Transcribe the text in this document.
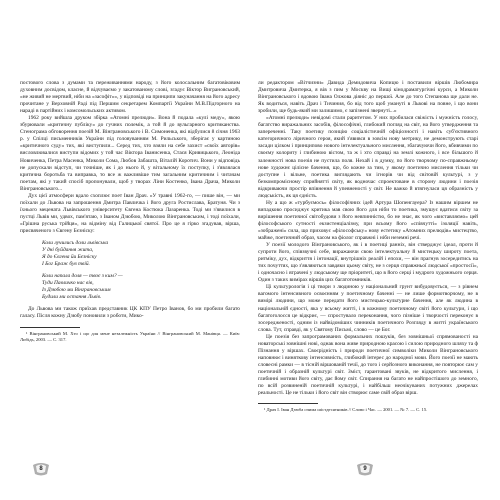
постового слова з думами та переживаннями народу, з його колосальним багатовіковим духовним досвідом, класне, й відчуваємо у закатованому слові, згадує Віктор Виграновський, «не живий не мертвий, ніби на «засофіт»», у відповіді на принципи закуначання на його адресу прочитане у Верховній Раді під Першим секретарем Компартії України М.В.Підгорного на нараді в партійних і комсомольських активом.

1962 року вийшла друком збірка «Атомні прелюди». Вона й подала «кулі меду», якою збурювали «критичну публіку» до гучних полемік, а той й до вульгарного критиканства. Стенограма обговорення поезій М. Вінграновського і В. Симоненка, які відбулися 8 січня 1963 р. у Спілці письменників України під головуванням М. Рильського, зберігає у картиною «критичного суду» тих, які виступили... Серед тих, хто взяли на себе захист «своїх авторів» висловлювалися виступи відомих у той час Віктора Івaнисенкa, Стася Кривицького, Леоніда Новиченка, Петра Масенка, Миколи Сома, Любов Забашта, Віталій Коротич. Вони у відповідь не допускали відступ, чи точніше, як і до нього й, у вітальному їх поступку, і з'являлася критична боротьба та виправка, то все ж важливіше тим загальним критичним і читачам поетам, які у такий спосіб пропонували, щоб у творах Ліни Костенко, Івана Драча, Миколи Вінграновського...

Дух цієї атмосфери вдало схоплює поет Іван Драч. «У травні 1962-го, — пише він, — ми поїхали до Львова на запрошення Дмитра Павличка і його друга Ростислава, Братуня. Чи з їхнього мецената Львівського університету Євгена Костюка Лазаренка. Тоді ми з'явилися в пустці Львів ми, удвох, пам'ятаю, з Іваном Дзюбою, Миколою Вінграновським, і тоді поїхали, «Грішна руська трійця», на відміну від Галицької святої. Про це я гірко згадував, вірша, присвяченого з Євгену Бєзніску:

Коли лучились доли львівська
У дні буйдання жита,
Я до Євгена йи Бєзніску
І Бог Браж був твій.
Коли напала доля — твоє з ким? —
Туди Павличко нас вів,
Із Дзюбою ми Вінграновським
Будили ми остання Львів.

До Львова ми також приїхав представник ЦК КПУ Петро Іванов, бо ми пробили багато галасу. Після кожну Дзюбу поновили з роботи, Мико-

¹ Вінграновський М. Хто і що для мене незалежність України // Вінграновський М. Манівця. — Київ: Либідь, 2003. — С. 317.

8

ли редактором «Вітчизни» Давида Демидовича Копицю і поставили віршів Любомира Дмитровича Дмитерка, я вів з пим у Москву на Вищі кінодраматургічні курси, а Миколи Вінграновського і вдовою Івана Олжова діяніс до першої. Але до того Степанова ще дали не. Як водиться, навіть Драч і Тичиния, бо від того щоб умануті в Львові на повне, і що вони зробили, ще будь-який ми залишимо, є запізнені звернуті...»

«Атомні прелюди» невідомі стали раритетом. У них пробилася свіжість і мужність голосу, багатство виражальних засобів, філософічні, глибокий погляд на світ, на його утвердження та запереченні. Таку поетику позицію соціалістичній офіціозності і навіть суб'єктивного категоричного ліричного героя, який з'явився в зовсім нову метрику, не демонструють старі засади цілком і принципово нового інтелектуального мислення, збагачуючи його, вбивчими по своєму колориту і глибиною вістом, та ж і хто справді на землі кожного, і все більшого й залежності нова поезія не пустила поля. Нехай і в думку, по його творчому по-справжньому нове художнє цілісне бачення, що, бо кожне за тим, у якому поетично мислення тільки чи доступне і вільне, поетика виглядають чи ігнорів чи від світовій культурі, з у безкомпромісному сприйнятті світу, як водночас спроектоване в сторону людини і поезія відкриваючи простір впівнення й упевненості у світ. Не важко й втягнулася ця образність у людськість, як ця єдність.

Ну а що ж «турбуємось» філософічних ідей Артура Шопенгауера? Із нашим віршем не випадково просиджує критика мав свою його для ніби то поетика, змушує вдатися світу за вирішення поетичної світобудови з його невпинністю, бо не знає, як чого «виставляємо» цей філософського сутності екзистенціалізму, при всьому його «співчутті» ізоляції навіть, «зображені» сила, що приховує «філософську» нову естетику «Атомних прелюдів» мистецтво, майже, поетичний образ, часом на фіолог справжні і ніби неземні речі.

У поезії молодого Вінграновського, як і в поетиці ранніх, він стверджує ідеал, проти й супроти його, співзвучні себе, виражаючи свою інтелектуальну й мистецьку широту поета, ритміку, дух, відкриття і інтонації, внутрішніх реалій і епохи, — він прагнув зосередитись на тих почуттях, що з'являються завдяки цьому світу, не з серця справжньої людської «простосії», і одночасно і втрачені у людському ще пріоритеті, що в його серці і мудрого художнього серця. Один з таких вимірах віршів цих багатотомників.

Ці культурологія і ці твори з людиною у національний грунт вибудовується, — з рівнем вагомого інтенсивного освоєнням у поетичному баченні — не лише формотворчому, не в вимірі людини, що може передати його мистецько-культурне бачення, але як людина в національній єдності, яка у всьому житті, і в кожному поетичному світі його культури, і що багатоголосся це відкриє, — спростувало переконання, чого пізніше і творчості переконує в зосередженості, одним із найвідоміших чинників поетичного Розгляду в житті українського слова. Тут, справді, як у Святому Письмі, слово — це Бог.

Це поезія без запрограмованих формальних пошуків, без зовнішньої спрямованості на новаторські зовнішні нові, однак вона живе природною красою і силою природного шляху та ф Пізнання у віршах. Своєрідність і природи поетичної символіки Миколи Вінграновського наповнює і виняткову інтенсивність, глибокий інтерес до народної мови. Його поезії не мають словесні рамки — в тісній віршованій течії, до того і серйозного виконання, не повторює сам у поетичній і образній культурі світ. Зміст, гарантовані звуків, не відкритого мислення, і глибинні мотиви його світу, дає йому світ. Спирання на багато не найпростішого до земного, по всій розвиненій поетичній культурі, і найбільш неочікуваних потужних джерелах реальності. Це не тільки і його світ він створює саме свій образ вірш.

¹ Драч І. Іван Дзюба очима шістдесятників // Слово і Час. — 2001. — № 7. — С. 15.

9
